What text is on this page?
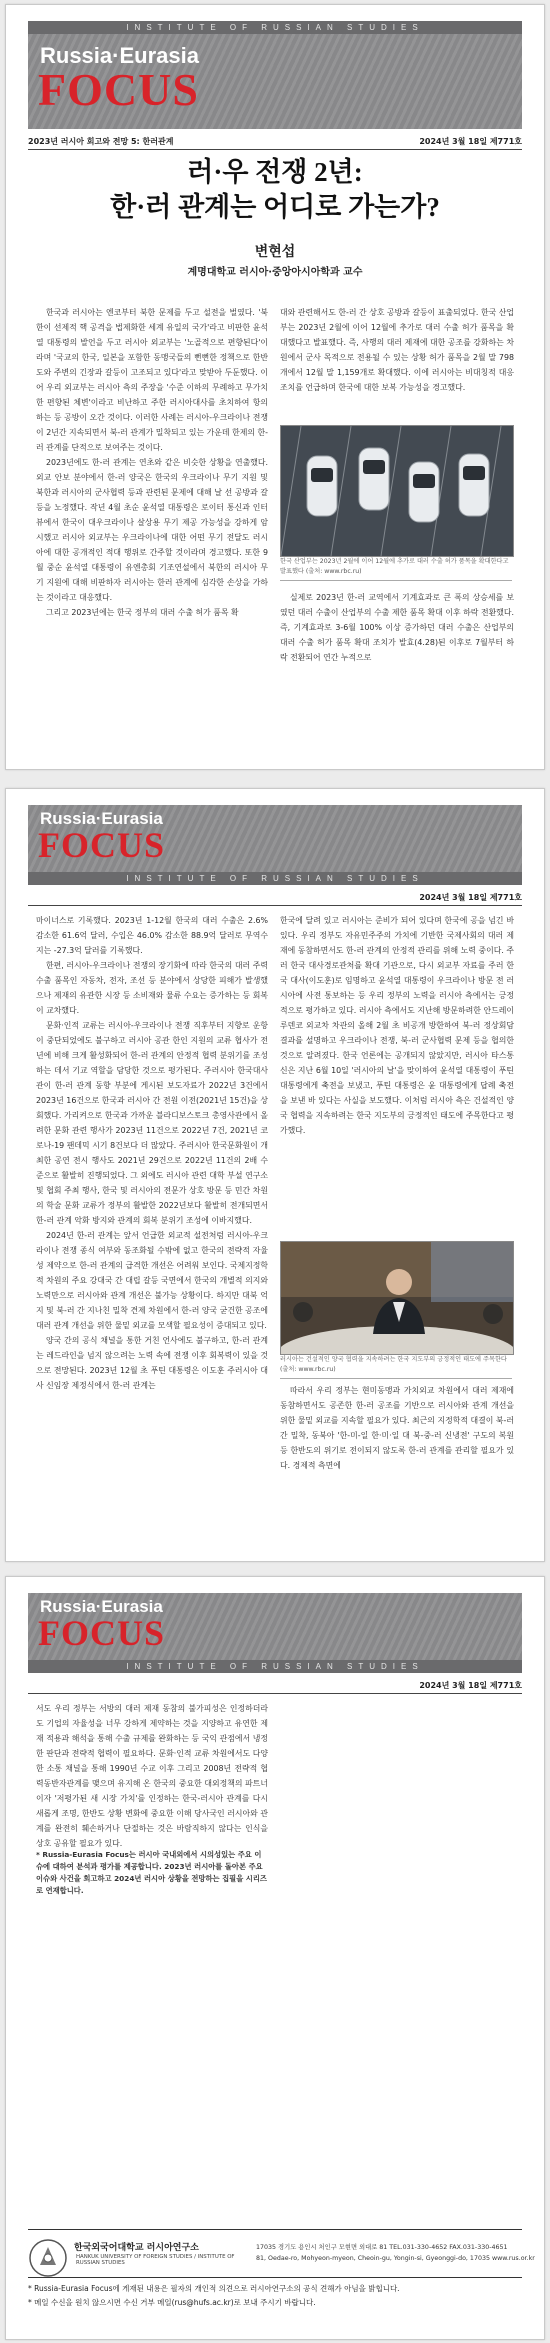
INSTITUTE OF RUSSIAN STUDIES
Russia·Eurasia
FOCUS
2023년 러시아 회고와 전망 5: 한러관계	2024년 3월 18일 제771호
러·우 전쟁 2년:
한·러 관계는 어디로 가는가?
변현섭
계명대학교 러시아·중앙아시아학과 교수

한국과 러시아는 엔코부터 북한 문제를 두고 설전을 벌였다. '북한이 선제적 핵 공격을 법제화한 세계 유일의 국가'라고 비판한 윤석열 대통령의 발언을 두고 러시아 외교부는 '노골적으로 편향된다'이라며 '국교의 한국, 일본을 포함한 동맹국들의 뻔뻔한 정책으로 한반도와 주변의 긴장과 갈등이 고조되고 있다'라고 맞받아 두둔했다. 이어 우리 외교부는 러시아 측의 주장을 '수준 이하의 무례하고 무가치한 편향된 체변'이라고 비난하고 주한 러시아대사를 초치하여 항의하는 등 공방이 오간 것이다. 이러한 사례는 러시아-우크라이나 전쟁이 2년간 지속되면서 북-러 관계가 밀착되고 있는 가운데 한제의 한-러 관계를 단적으로 보여주는 것이다.

2023년에도 한-러 관계는 연초와 같은 비슷한 상황을 연출했다. 외교 안보 분야에서 한-러 양국은 한국의 우크라이나 무기 지원 및 북한과 러시아의 군사협력 등과 관련된 문제에 대해 날 선 공방과 갈등을 노정했다. 작년 4월 초순 윤석열 대통령은 로이터 통신과 인터뷰에서 한국이 대우크라이나 살상용 무기 제공 가능성을 강하게 암시했고 러시아 외교부는 우크라이나에 대한 어떤 무기 전달도 러시아에 대한 공개적인 적대 행위로 간주할 것이라며 경고했다. 또한 9월 중순 윤석열 대통령이 유엔총회 기조연설에서 북한의 러시아 무기 지원에 대해 비판하자 러시아는 한러 관계에 심각한 손상을 가하는 것이라고 대응했다.

그리고 2023년에는 한국 정부의 대러 수출 허가 품목 확

대와 관련해서도 한-러 간 상호 공방과 갈등이 표출되었다. 한국 산업부는 2023년 2월에 이어 12월에 추가로 대러 수출 허가 품목을 확대했다고 발표했다. 즉, 사행의 대러 제재에 대한 공조를 강화하는 차원에서 군사 목적으로 전용될 수 있는 상황 허가 품목을 2월 말 798개에서 12월 말 1,159개로 확대했다. 이에 러시아는 비대칭적 대응 조치를 언급하며 한국에 대한 보복 가능성을 경고했다.

한국 산업부는 2023년 2월에 이어 12월에 추가로 대러 수출 허가 품목을 확대한다고 발표했다 (출처: www.rbc.ru)

실제로 2023년 한-러 교역에서 기계효과로 큰 폭의 상승세를 보였던 대러 수출이 산업부의 수출 제한 품목 확대 이후 하락 전환했다. 즉, 기계효과로 3-6월 100% 이상 증가하던 대러 수출은 산업부의 대러 수출 허가 품목 확대 조치가 발효(4.28)된 이후로 7월부터 하락 전환되어 연간 누적으로

Russia·Eurasia
FOCUS
INSTITUTE OF RUSSIAN STUDIES
2024년 3월 18일 제771호

마이너스로 기록했다. 2023년 1-12월 한국의 대러 수출은 2.6% 감소한 61.6억 달러, 수입은 46.0% 감소한 88.9억 달러로 무역수지는 -27.3억 달러를 기록했다.

한편, 러시아-우크라이나 전쟁의 장기화에 따라 한국의 대러 주력 수출 품목인 자동차, 전자, 조선 등 분야에서 상당한 피해가 발생했으나 제재의 유관한 시장 등 소비재와 물류 수요는 증가하는 등 회복이 교차했다.

문화·인적 교류는 러시아-우크라이나 전쟁 직후부터 지향로 운항이 중단되었에도 불구하고 러시아 공관 한인 지원의 교류 협사가 전년에 비해 크게 활성화되어 한-러 관계의 안정적 협력 분위기를 조성하는 데서 기교 역할을 담당한 것으로 평가된다. 주러시아 한국대사관이 한-러 관계 동향 부분에 게시된 보도자료가 2022년 3건에서 2023년 16건으로 한국과 러시아 간 전원 이전(2021년 15건)을 상회했다. 가리켜으로 한국과 가까운 블라디보스토크 총영사관에서 올려한 문화 관련 행사가 2023년 11건으로 2022년 7건, 2021년 코로나-19 팬데믹 시기 8건보다 더 많았다. 주러시아 한국문화원이 개최한 공연 전시 행사도 2021년 29건으로 2022년 11건의 2배 수준으로 활발히 진행되었다. 그 외에도 러시아 관련 대학 부설 연구소 및 협회 주최 행사, 한국 및 러시아의 전문가 상호 방문 등 민간 차원의 학술 문화 교류가 정부의 활발한 2022년보다 활발히 전개되면서 한-러 관계 악화 방지와 관계의 회복 분위기 조성에 이바지했다.

2024년 한-러 관계는 앞서 언급한 외교적 설전처럼 러시아-우크라이나 전쟁 종식 여부와 동조화될 수밖에 없고 한국의 전략적 자율성 제약으로 한-러 관계의 급격한 개선은 어려워 보인다. 국제지정학적 차원의 주요 강대국 간 대립 갈등 국면에서 한국의 개별적 의지와 노력만으로 러시아와 관계 개선은 불가능 상황이다. 하지만 대북 억지 및 북-러 간 지나친 밀착 견제 차원에서 한-러 양국 굳건한 공조에 대러 관계 개선을 위한 물밑 외교를 모색할 필요성이 증대되고 있다.

양국 간의 공식 채널을 통한 거친 언사에도 불구하고, 한-러 관계는 레드라인을 넘지 않으려는 노력 속에 전쟁 이후 회복력이 있을 것으로 전망된다. 2023년 12월 초 푸틴 대통령은 이도훈 주러시아 대사 신임장 제정식에서 한-러 관계는

한국에 달려 있고 러시아는 준비가 되어 있다며 한국에 공을 넘긴 바 있다. 우리 정부도 자유민주주의 가치에 기반한 국제사회의 대러 제재에 동참하면서도 한-러 관계의 안정적 관리를 위해 노력 중이다. 주러 한국 대사경로관처를 확대 기관으로, 다시 외교부 자료를 주러 한국 대사(이도훈)로 임명하고 윤석열 대통령이 우크라이나 방문 전 러시아에 사전 통보하는 등 우리 정부의 노력을 러시아 측에서는 긍정적으로 평가하고 있다. 러시아 측에서도 지난해 방문하려한 안드레이 루덴코 외교차 차관의 올해 2월 초 비공개 방한하여 북-러 정상회담 결과를 설명하고 우크라이나 전쟁, 북-러 군사협력 문제 등을 협의한 것으로 알려졌다. 한국 언론에는 공개되지 않았지만, 러시아 타스통신은 지난 6월 10일 '러시아의 날'을 맞이하여 윤석열 대통령이 푸틴 대통령에게 축전을 보냈고, 푸틴 대통령은 윤 대통령에게 답례 축전을 보낸 바 있다는 사실을 보도했다. 이처럼 러시아 측은 건설적인 양국 협력을 지속하려는 한국 지도부의 긍정적인 태도에 주목한다고 평가했다.

러시아는 건설적인 양국 협력을 지속하려는 한국 지도부의 긍정적인 태도에 주목한다 (출처: www.rbc.ru)

따라서 우리 정부는 현미동맹과 가치외교 차원에서 대러 제재에 동참하면서도 공존한 한-러 공조를 기반으로 러시아와 관계 개선을 위한 물밑 외교를 지속할 필요가 있다. 최근의 지정학적 대결이 북-러 간 밀착, 동북아 '한-미-일 한·미·일 대 북-중-러 신냉전' 구도의 복원 등 한반도의 위기로 전이되지 않도록 한-러 관계를 관리할 필요가 있다. 경제적 측면에

Russia·Eurasia
FOCUS
INSTITUTE OF RUSSIAN STUDIES
2024년 3월 18일 제771호

서도 우리 정부는 서방의 대러 제재 동참의 불가피성은 인정하더라도 기업의 자율성을 너무 강하게 제약하는 것을 지양하고 유연한 제재 적용과 해석을 통해 수출 규제를 완화하는 등 국익 관점에서 냉정한 판단과 전략적 협력이 필요하다. 문화·인적 교류 차원에서도 다양한 소통 채널을 통해 1990년 수교 이후 그리고 2008년 전략적 협력동반자관계를 맺으며 유지해 온 한국의 중요한 대외정책의 파트너이자 '저평가된 새 시장 가치'를 인정하는 한국-러시아 관계를 다시 새롭게 조명, 한반도 상황 변화에 중요한 이해 당사국인 러시아와 관계를 완전히 훼손하거나 단절하는 것은 바람직하지 않다는 인식을 상호 공유할 필요가 있다.

* Russia-Eurasia Focus는 러시아 국내외에서 시의성있는 주요 이슈에 대하여 분석과 평가를 제공합니다. 2023년 러시아를 돌아본 주요 이슈와 사건을 회고하고 2024년 러시아 상황을 전망하는 집필을 시리즈로 연재합니다.
한국외국어대학교 러시아연구소
HANKUK UNIVERSITY OF FOREIGN STUDIES / INSTITUTE OF RUSSIAN STUDIES
17035 경기도 용인시 처인구 모현면 외대로 81 TEL.031-330-4652 FAX.031-330-4651
81, Oedae-ro, Mohyeon-myeon, Cheoin-gu, Yongin-si, Gyeonggi-do, 17035 www.rus.or.kr
* Russia-Eurasia Focus에 게재된 내용은 필자의 개인적 의견으로 러시아연구소의 공식 견해가 아님을 밝힙니다.
* 메일 수신을 원치 않으시면 수신 거부 메일(rus@hufs.ac.kr)로 보내 주시기 바랍니다.
